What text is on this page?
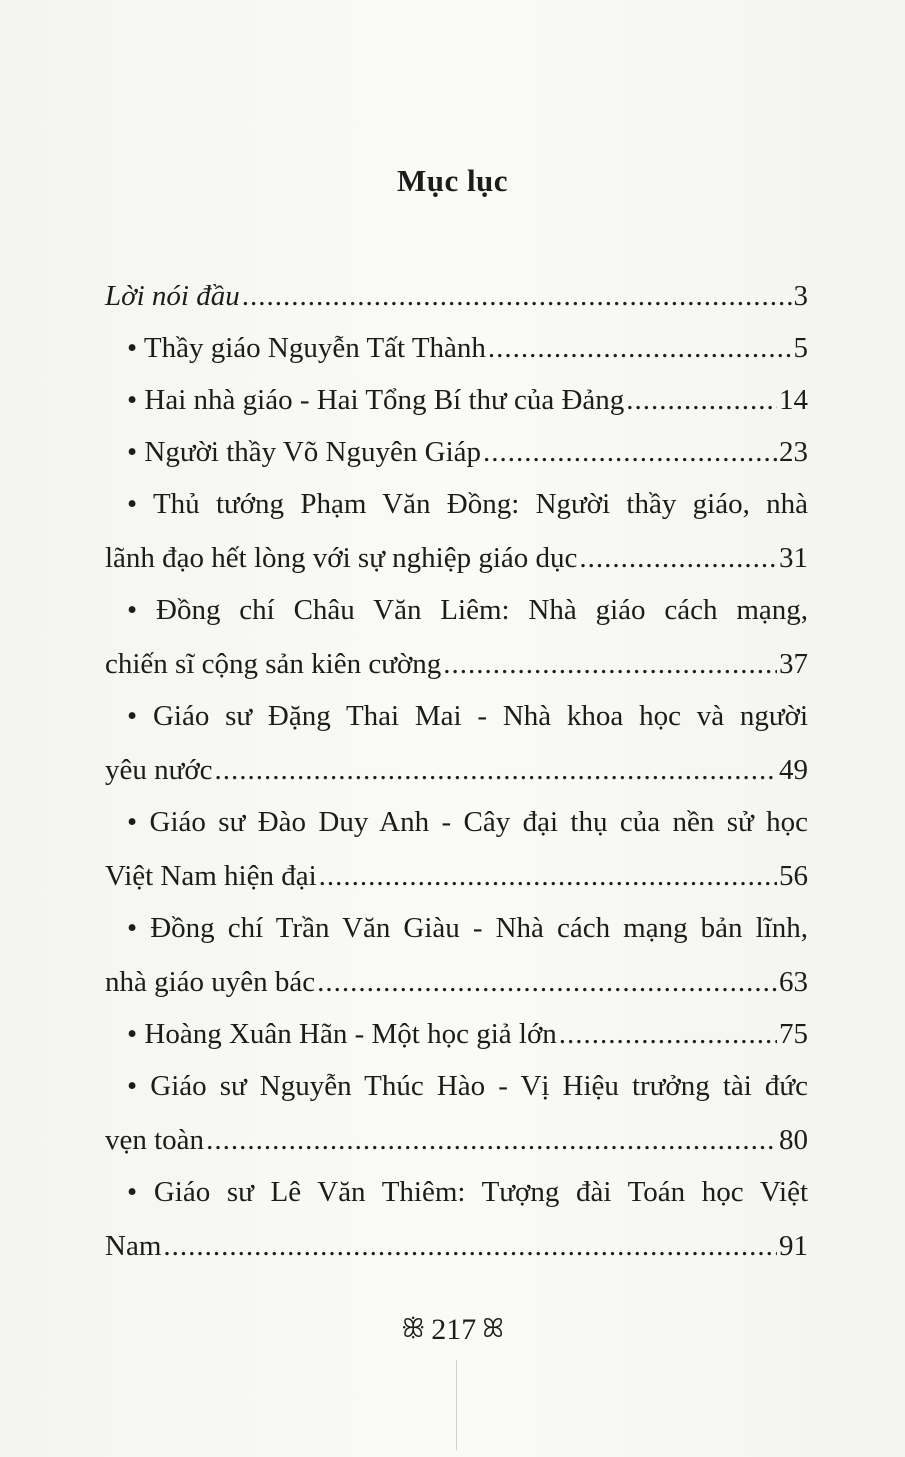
Mục lục
Lời nói đầu .....	3
• Thầy giáo Nguyễn Tất Thành .....	5
• Hai nhà giáo - Hai Tổng Bí thư của Đảng .....	14
• Người thầy Võ Nguyên Giáp .....	23
• Thủ tướng Phạm Văn Đồng: Người thầy giáo, nhà
lãnh đạo hết lòng với sự nghiệp giáo dục .....	31
• Đồng chí Châu Văn Liêm: Nhà giáo cách mạng,
chiến sĩ cộng sản kiên cường .....	37
• Giáo sư Đặng Thai Mai - Nhà khoa học và người
yêu nước .....	49
• Giáo sư Đào Duy Anh - Cây đại thụ của nền sử học
Việt Nam hiện đại .....	56
• Đồng chí Trần Văn Giàu - Nhà cách mạng bản lĩnh,
nhà giáo uyên bác .....	63
• Hoàng Xuân Hãn - Một học giả lớn .....	75
• Giáo sư Nguyễn Thúc Hào - Vị Hiệu trưởng tài đức
vẹn toàn .....	80
• Giáo sư Lê Văn Thiêm: Tượng đài Toán học Việt
Nam .....	91
ꕥ 217 ꕤ
